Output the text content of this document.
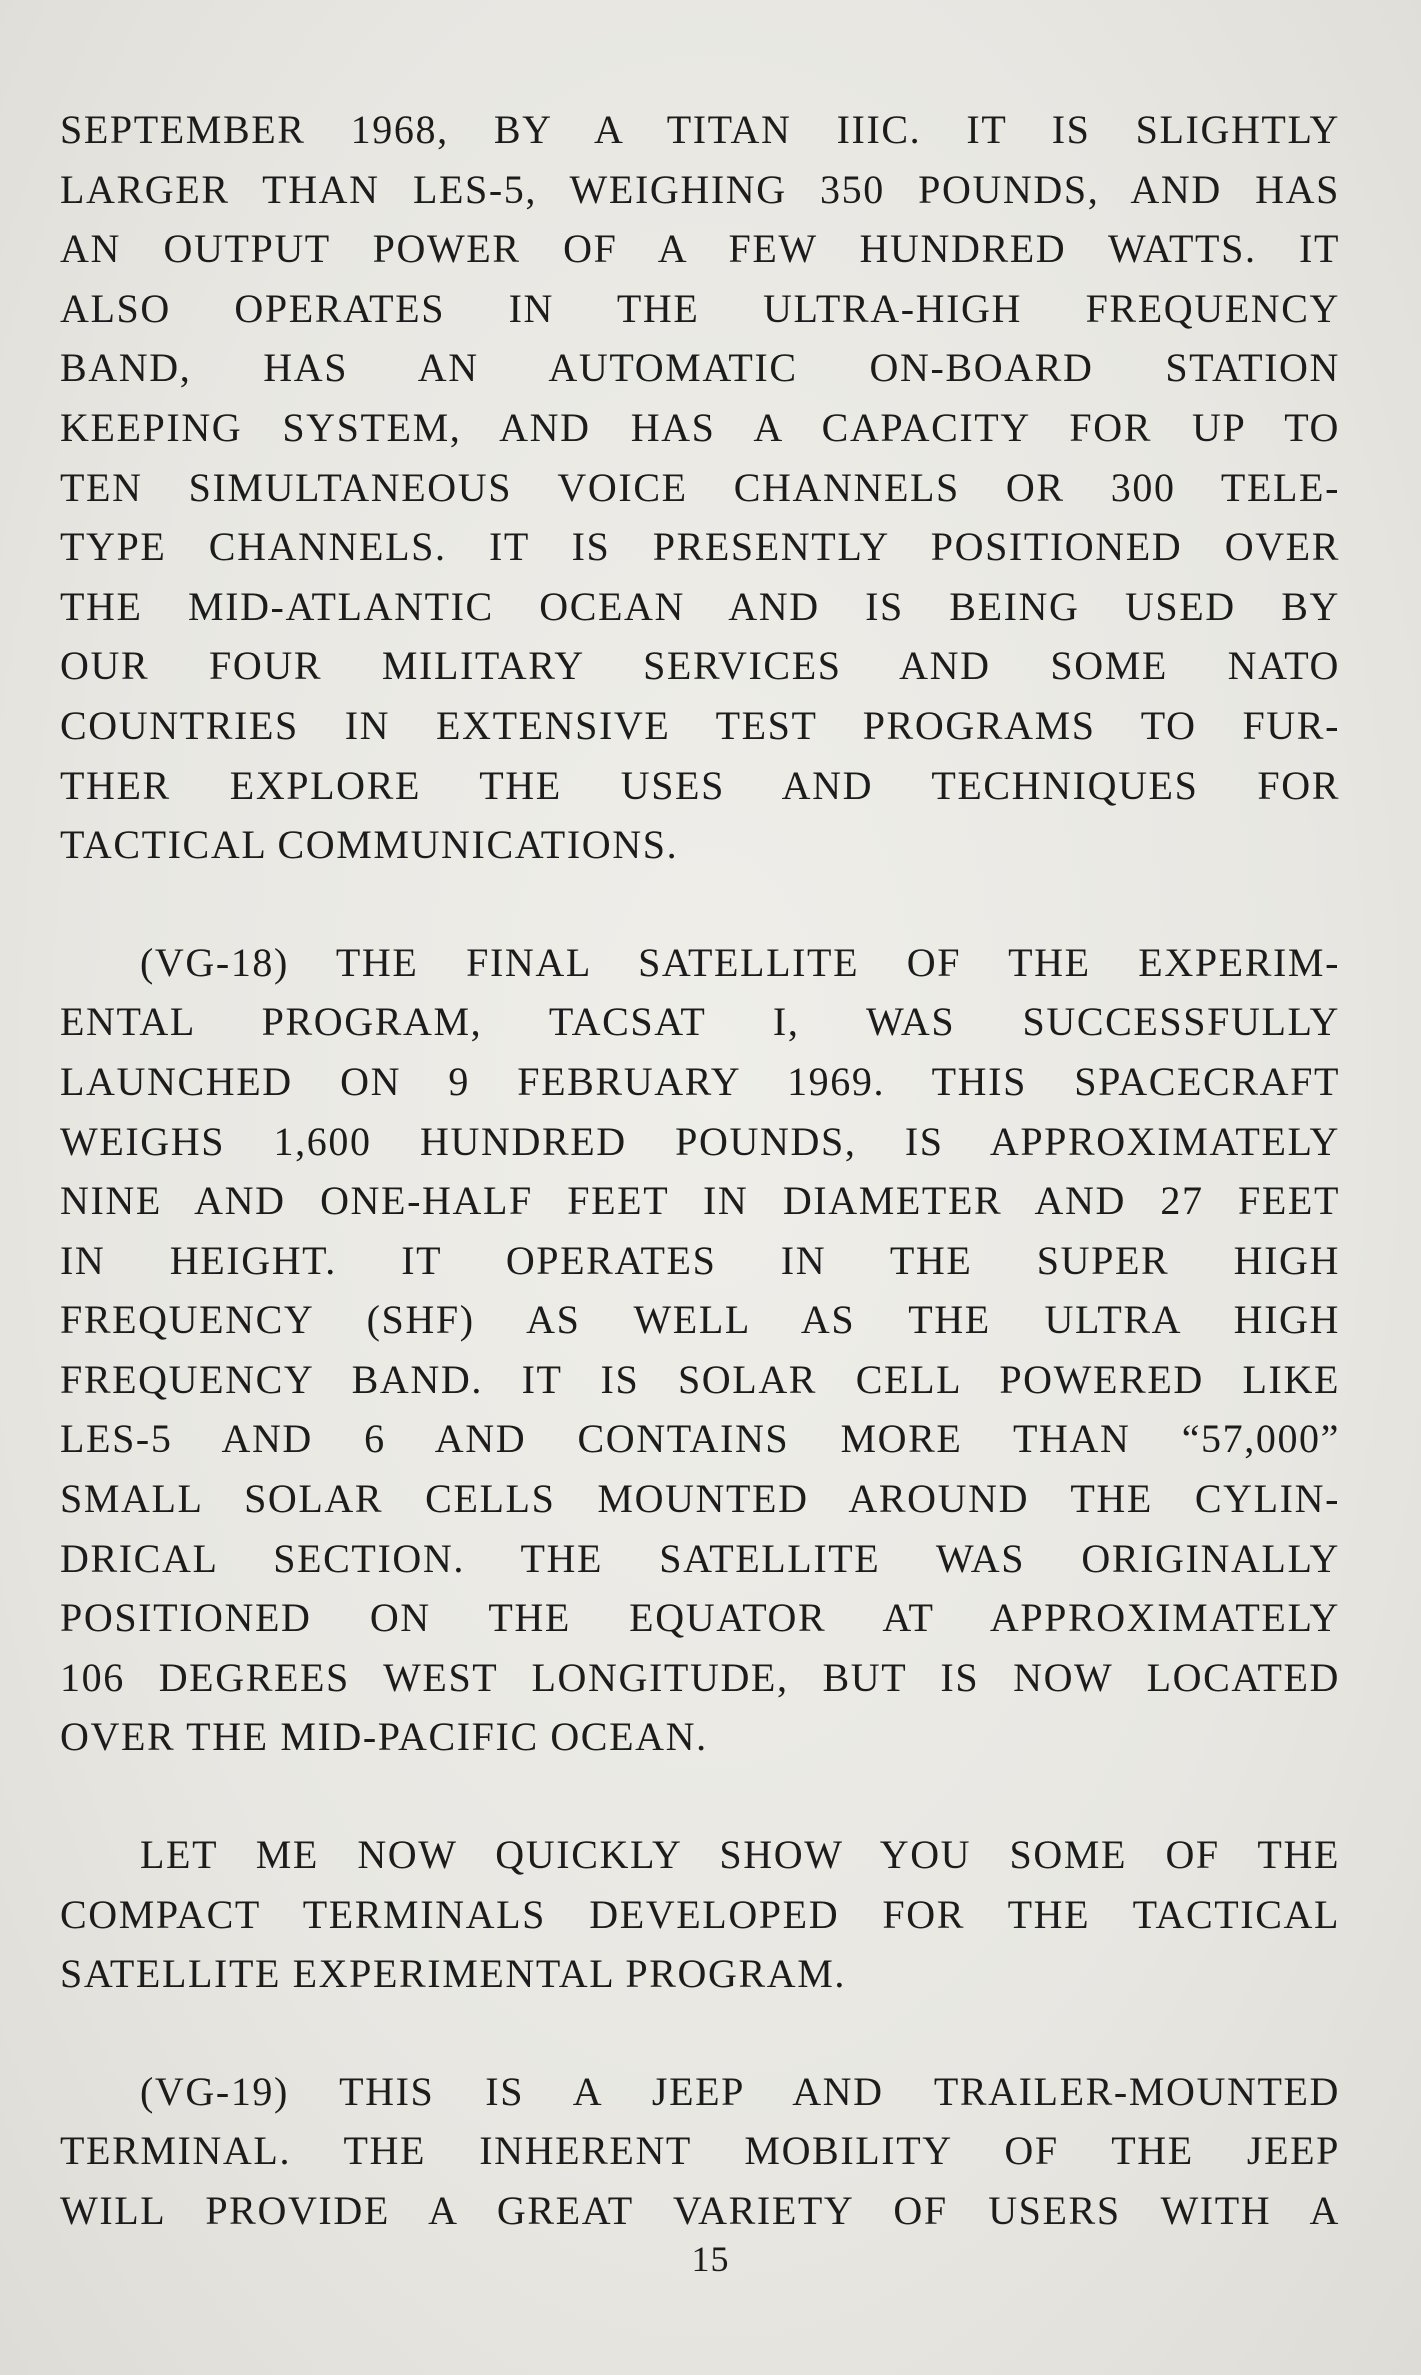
SEPTEMBER 1968, BY A TITAN IIIC. IT IS SLIGHTLY
LARGER THAN LES-5, WEIGHING 350 POUNDS, AND HAS
AN OUTPUT POWER OF A FEW HUNDRED WATTS. IT
ALSO OPERATES IN THE ULTRA-HIGH FREQUENCY
BAND, HAS AN AUTOMATIC ON-BOARD STATION
KEEPING SYSTEM, AND HAS A CAPACITY FOR UP TO
TEN SIMULTANEOUS VOICE CHANNELS OR 300 TELE-
TYPE CHANNELS. IT IS PRESENTLY POSITIONED OVER
THE MID-ATLANTIC OCEAN AND IS BEING USED BY
OUR FOUR MILITARY SERVICES AND SOME NATO
COUNTRIES IN EXTENSIVE TEST PROGRAMS TO FUR-
THER EXPLORE THE USES AND TECHNIQUES FOR
TACTICAL COMMUNICATIONS.
(VG-18) THE FINAL SATELLITE OF THE EXPERIM-
ENTAL PROGRAM, TACSAT I, WAS SUCCESSFULLY
LAUNCHED ON 9 FEBRUARY 1969. THIS SPACECRAFT
WEIGHS 1,600 HUNDRED POUNDS, IS APPROXIMATELY
NINE AND ONE-HALF FEET IN DIAMETER AND 27 FEET
IN HEIGHT. IT OPERATES IN THE SUPER HIGH
FREQUENCY (SHF) AS WELL AS THE ULTRA HIGH
FREQUENCY BAND. IT IS SOLAR CELL POWERED LIKE
LES-5 AND 6 AND CONTAINS MORE THAN “57,000”
SMALL SOLAR CELLS MOUNTED AROUND THE CYLIN-
DRICAL SECTION. THE SATELLITE WAS ORIGINALLY
POSITIONED ON THE EQUATOR AT APPROXIMATELY
106 DEGREES WEST LONGITUDE, BUT IS NOW LOCATED
OVER THE MID-PACIFIC OCEAN.
LET ME NOW QUICKLY SHOW YOU SOME OF THE
COMPACT TERMINALS DEVELOPED FOR THE TACTICAL
SATELLITE EXPERIMENTAL PROGRAM.
(VG-19) THIS IS A JEEP AND TRAILER-MOUNTED
TERMINAL. THE INHERENT MOBILITY OF THE JEEP
WILL PROVIDE A GREAT VARIETY OF USERS WITH A
15
